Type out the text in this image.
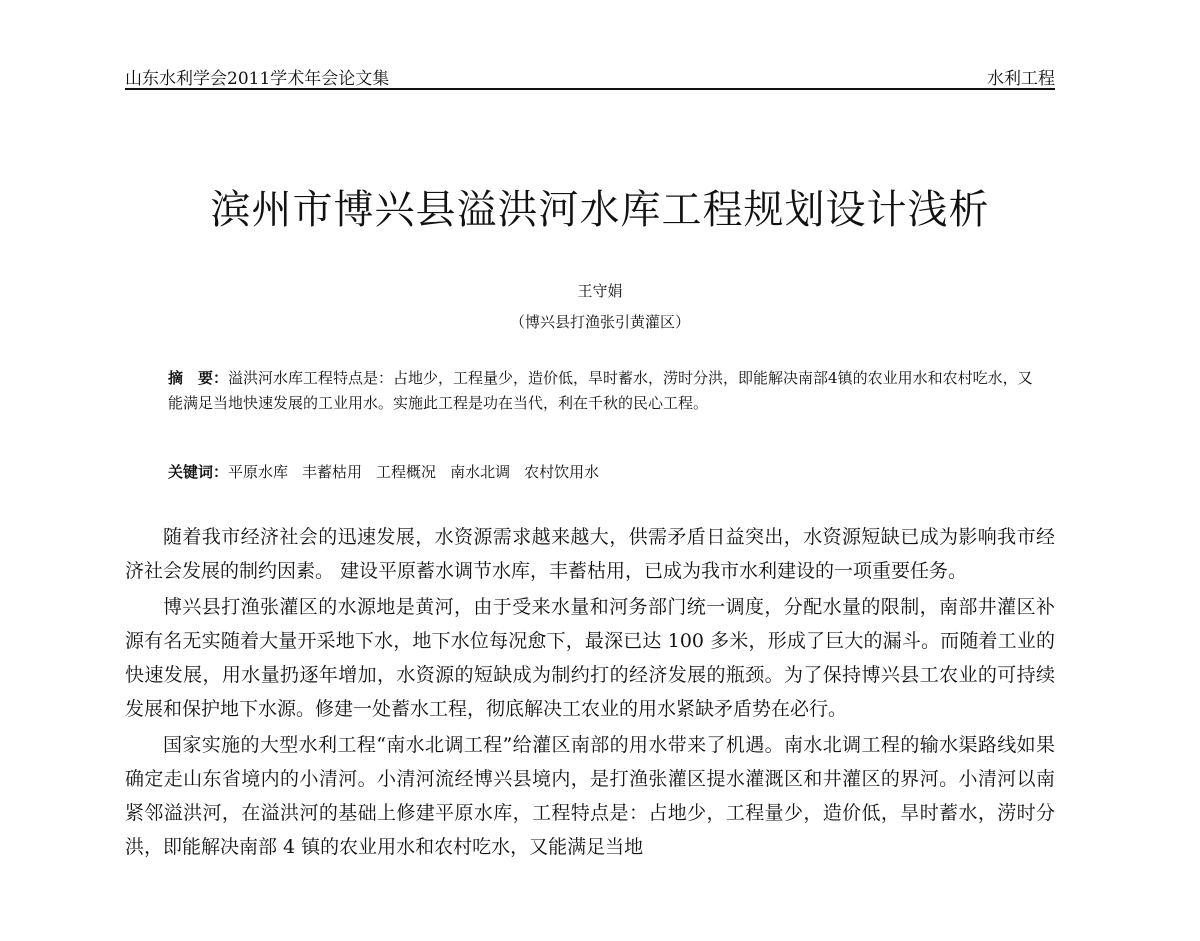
山东水利学会2011学术年会论文集	水利工程
滨州市博兴县溢洪河水库工程规划设计浅析
王守娟
（博兴县打渔张引黄灌区）
摘　要：溢洪河水库工程特点是：占地少，工程量少，造价低，旱时蓄水，涝时分洪，即能解决南部4镇的农业用水和农村吃水，又能满足当地快速发展的工业用水。实施此工程是功在当代，利在千秋的民心工程。
关键词：平原水库 丰蓄枯用 工程概况 南水北调 农村饮用水

随着我市经济社会的迅速发展，水资源需求越来越大，供需矛盾日益突出，水资源短缺已成为影响我市经济社会发展的制约因素。 建设平原蓄水调节水库，丰蓄枯用，已成为我市水利建设的一项重要任务。

博兴县打渔张灌区的水源地是黄河，由于受来水量和河务部门统一调度，分配水量的限制，南部井灌区补源有名无实随着大量开采地下水，地下水位每况愈下，最深已达 100 多米，形成了巨大的漏斗。而随着工业的快速发展，用水量扔逐年增加，水资源的短缺成为制约打的经济发展的瓶颈。为了保持博兴县工农业的可持续发展和保护地下水源。修建一处蓄水工程，彻底解决工农业的用水紧缺矛盾势在必行。

国家实施的大型水利工程“南水北调工程”给灌区南部的用水带来了机遇。南水北调工程的输水渠路线如果确定走山东省境内的小清河。小清河流经博兴县境内，是打渔张灌区提水灌溉区和井灌区的界河。小清河以南紧邻溢洪河，在溢洪河的基础上修建平原水库，工程特点是：占地少，工程量少，造价低，旱时蓄水，涝时分洪，即能解决南部 4 镇的农业用水和农村吃水，又能满足当地
